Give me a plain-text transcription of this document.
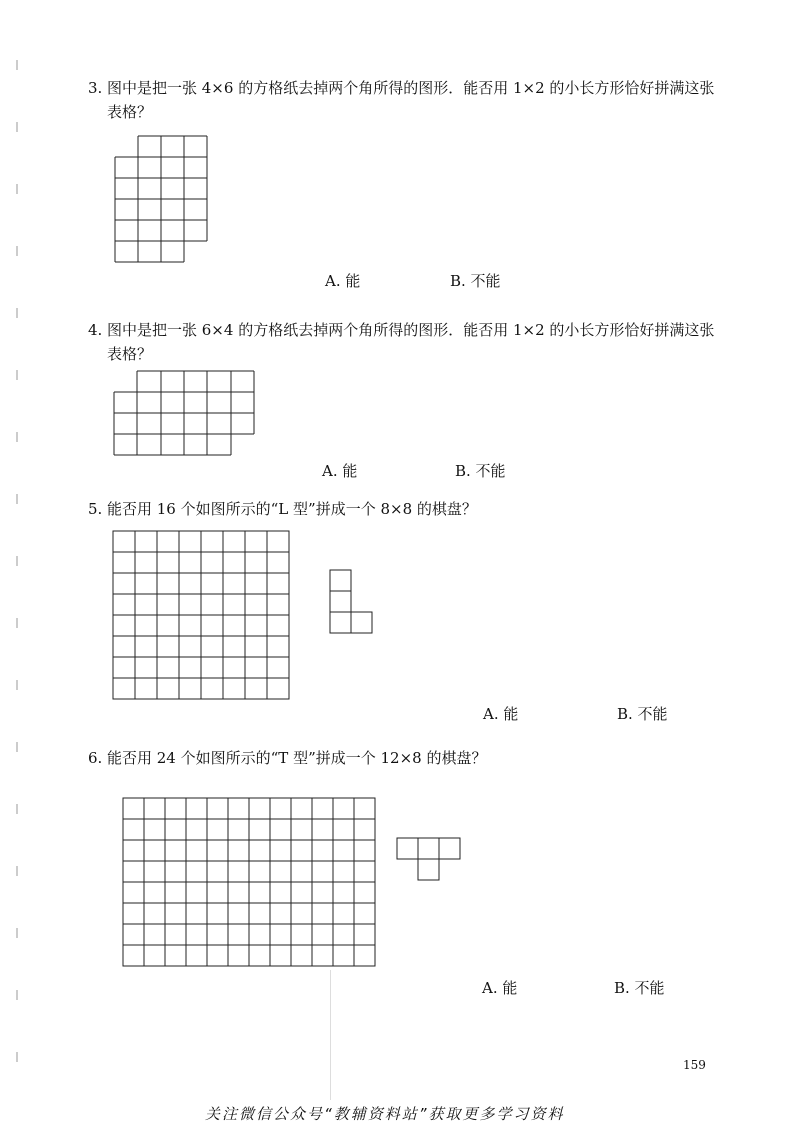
3. 图中是把一张 4×6 的方格纸去掉两个角所得的图形．能否用 1×2 的小长方形恰好拼满这张
表格？
A. 能	B. 不能
4. 图中是把一张 6×4 的方格纸去掉两个角所得的图形．能否用 1×2 的小长方形恰好拼满这张
表格？
A. 能	B. 不能
5. 能否用 16 个如图所示的“L 型”拼成一个 8×8 的棋盘？
A. 能	B. 不能
6. 能否用 24 个如图所示的“T 型”拼成一个 12×8 的棋盘？
A. 能	B. 不能
159
关注微信公众号“教辅资料站”获取更多学习资料
